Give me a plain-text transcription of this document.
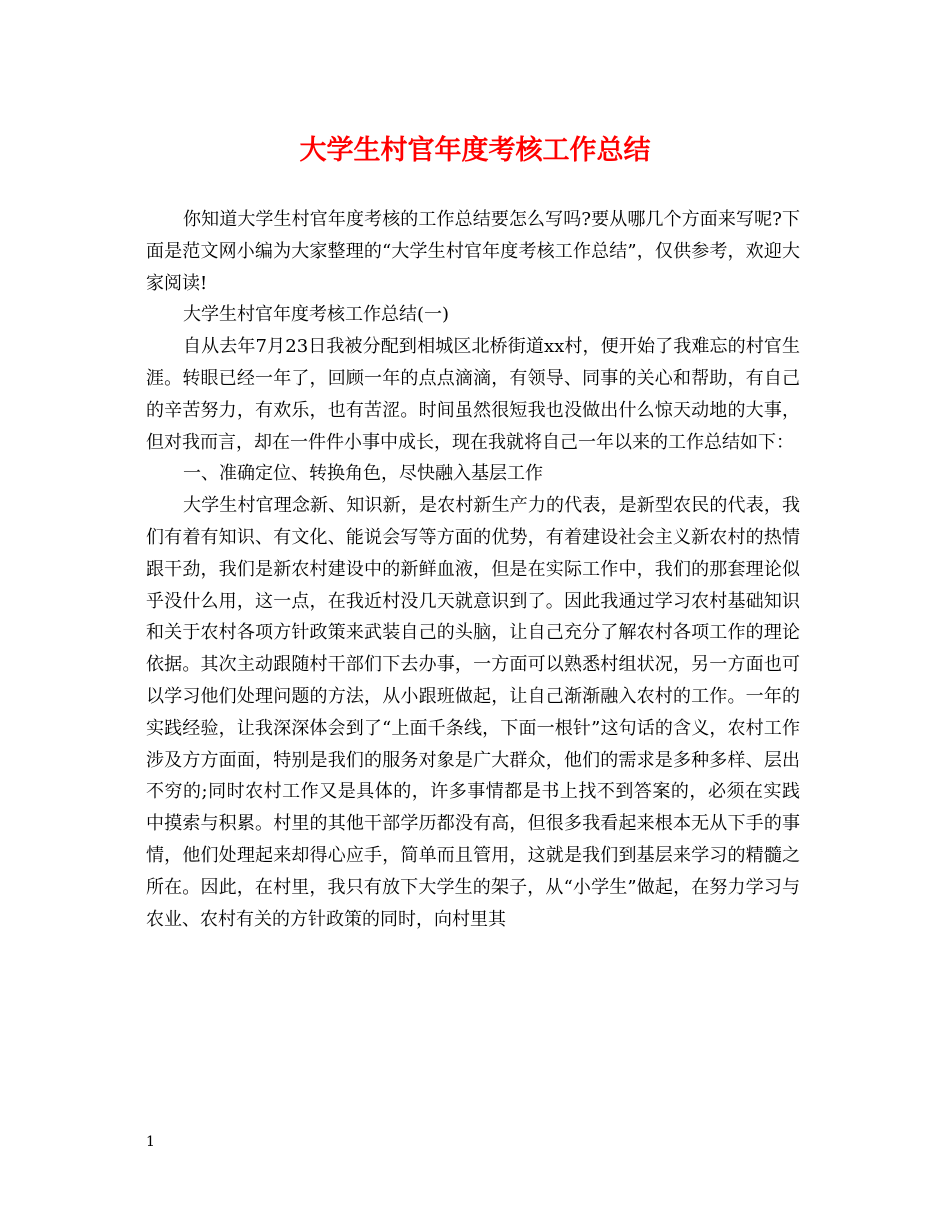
大学生村官年度考核工作总结

你知道大学生村官年度考核的工作总结要怎么写吗?要从哪几个方面来写呢?下面是范文网小编为大家整理的“大学生村官年度考核工作总结”，仅供参考，欢迎大家阅读!

大学生村官年度考核工作总结(一)

自从去年7月23日我被分配到相城区北桥街道xx村，便开始了我难忘的村官生涯。转眼已经一年了，回顾一年的点点滴滴，有领导、同事的关心和帮助，有自己的辛苦努力，有欢乐，也有苦涩。时间虽然很短我也没做出什么惊天动地的大事，但对我而言，却在一件件小事中成长，现在我就将自己一年以来的工作总结如下：

一、准确定位、转换角色，尽快融入基层工作

大学生村官理念新、知识新，是农村新生产力的代表，是新型农民的代表，我们有着有知识、有文化、能说会写等方面的优势，有着建设社会主义新农村的热情跟干劲，我们是新农村建设中的新鲜血液，但是在实际工作中，我们的那套理论似乎没什么用，这一点，在我近村没几天就意识到了。因此我通过学习农村基础知识和关于农村各项方针政策来武装自己的头脑，让自己充分了解农村各项工作的理论依据。其次主动跟随村干部们下去办事，一方面可以熟悉村组状况，另一方面也可以学习他们处理问题的方法，从小跟班做起，让自己渐渐融入农村的工作。一年的实践经验，让我深深体会到了“上面千条线，下面一根针”这句话的含义，农村工作涉及方方面面，特别是我们的服务对象是广大群众，他们的需求是多种多样、层出不穷的;同时农村工作又是具体的，许多事情都是书上找不到答案的，必须在实践中摸索与积累。村里的其他干部学历都没有高，但很多我看起来根本无从下手的事情，他们处理起来却得心应手，简单而且管用，这就是我们到基层来学习的精髓之所在。因此，在村里，我只有放下大学生的架子，从“小学生”做起，在努力学习与农业、农村有关的方针政策的同时，向村里其

1
